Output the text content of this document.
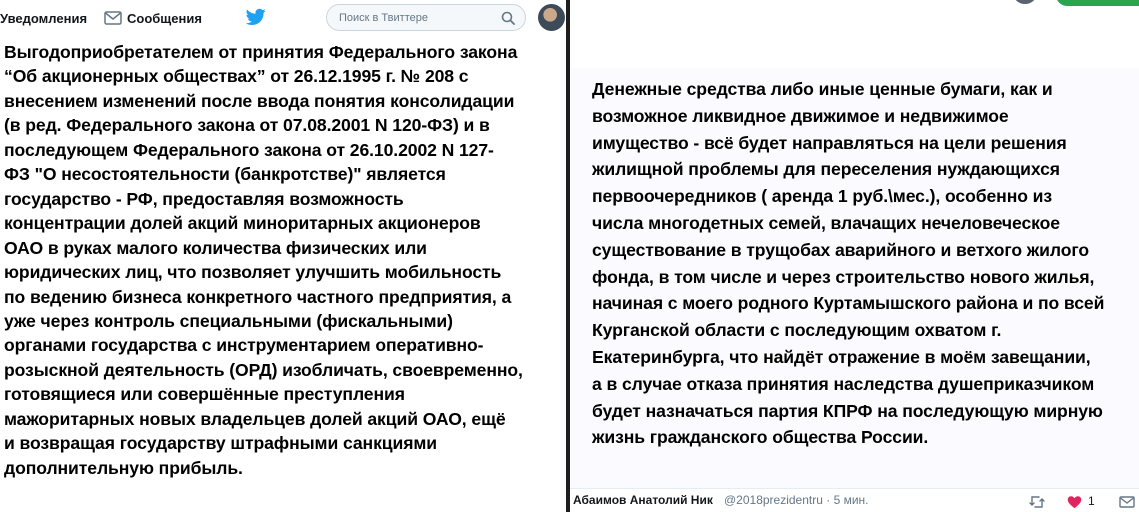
Уведомления	Сообщения
Поиск в Твиттере

Выгодоприобретателем от принятия Федерального закона
“Об акционерных обществах” от 26.12.1995 г. № 208 с
внесением изменений после ввода понятия консолидации
(в ред. Федерального закона от 07.08.2001 N 120-ФЗ) и в
последующем Федерального закона от 26.10.2002 N 127-
ФЗ "О несостоятельности (банкротстве)" является
государство - РФ, предоставляя возможность
концентрации долей акций миноритарных акционеров
ОАО в руках малого количества физических или
юридических лиц, что позволяет улучшить мобильность
по ведению бизнеса конкретного частного предприятия, а
уже через контроль специальными (фискальными)
органами государства с инструментарием оперативно-
розыскной деятельность (ОРД) изобличать, своевременно,
готовящиеся или совершённые преступления
мажоритарных новых владельцев долей акций ОАО, ещё
и возвращая государству штрафными санкциями
дополнительную прибыль.

Денежные средства либо иные ценные бумаги, как и
возможное ликвидное движимое и недвижимое
имущество - всё будет направляться на цели решения
жилищной проблемы для переселения нуждающихся
первоочередников ( аренда 1 руб.\мес.), особенно из
числа многодетных семей, влачащих нечеловеческое
существование в трущобах аварийного и ветхого жилого
фонда, в том числе и через строительство нового жилья,
начиная с моего родного Куртамышского района и по всей
Курганской области с последующим охватом г.
Екатеринбурга, что найдёт отражение в моём завещании,
а в случае отказа принятия наследства душеприказчиком
будет назначаться партия КПРФ на последующую мирную
жизнь гражданского общества России.

Абаимов Анатолий Ник @2018prezidentru · 5 мин.	1
